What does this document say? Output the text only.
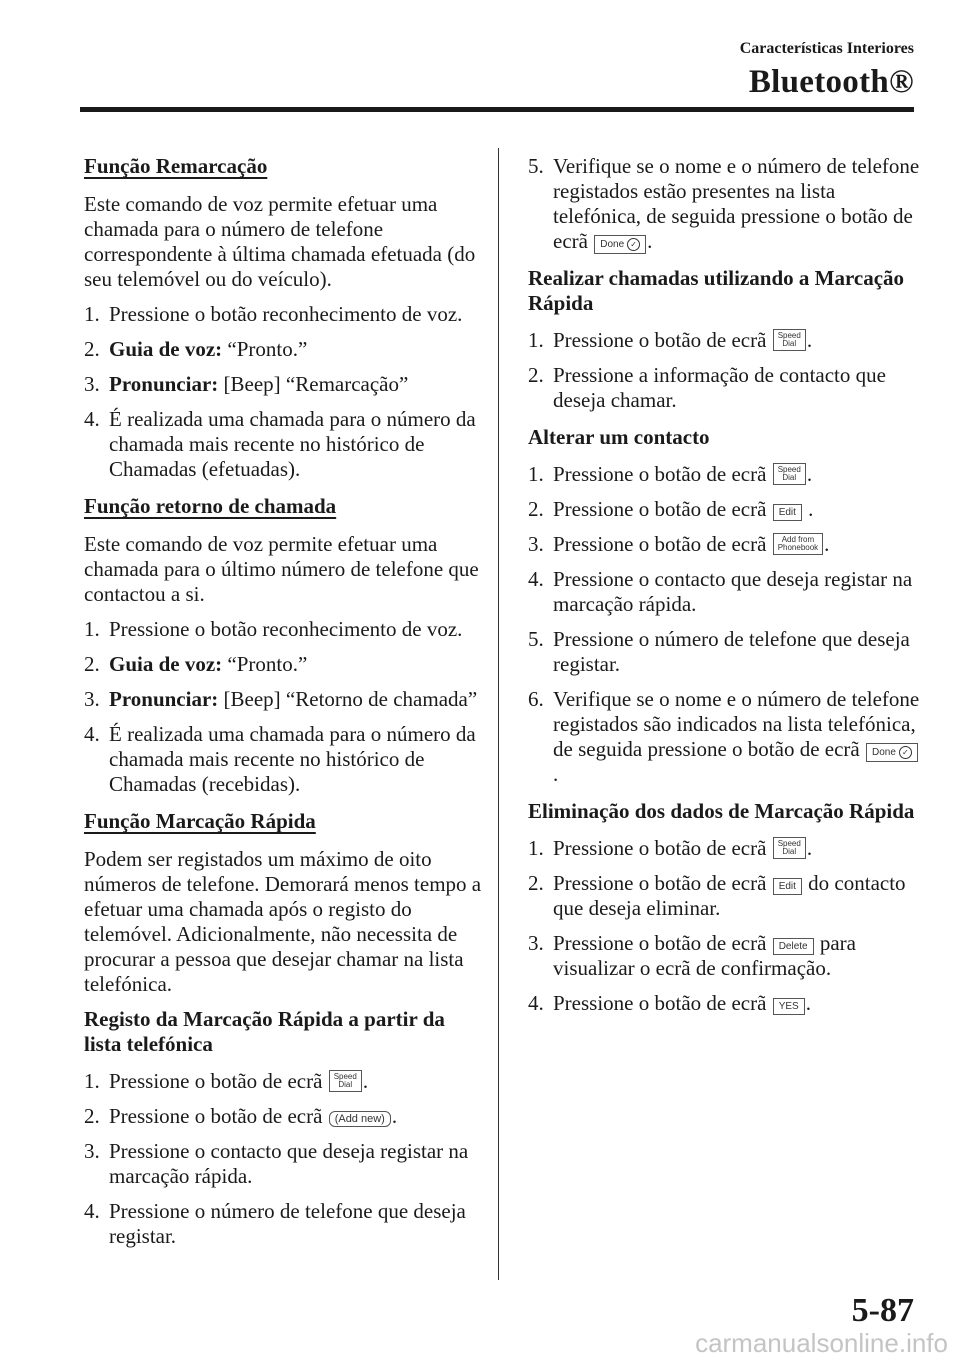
Características Interiores
Bluetooth®
Função Remarcação
Este comando de voz permite efetuar uma chamada para o número de telefone correspondente à última chamada efetuada (do seu telemóvel ou do veículo).
1. Pressione o botão reconhecimento de voz.
2. Guia de voz: “Pronto.”
3. Pronunciar: [Beep] “Remarcação”
4. É realizada uma chamada para o número da chamada mais recente no histórico de Chamadas (efetuadas).
Função retorno de chamada
Este comando de voz permite efetuar uma chamada para o último número de telefone que contactou a si.
1. Pressione o botão reconhecimento de voz.
2. Guia de voz: “Pronto.”
3. Pronunciar: [Beep] “Retorno de chamada”
4. É realizada uma chamada para o número da chamada mais recente no histórico de Chamadas (recebidas).
Função Marcação Rápida
Podem ser registados um máximo de oito números de telefone. Demorará menos tempo a efetuar uma chamada após o registo do telemóvel. Adicionalmente, não necessita de procurar a pessoa que desejar chamar na lista telefónica.
Registo da Marcação Rápida a partir da lista telefónica
1. Pressione o botão de ecrã Speed
Dial .
2. Pressione o botão de ecrã (Add new) .
3. Pressione o contacto que deseja registar na marcação rápida.
4. Pressione o número de telefone que deseja registar.
5. Verifique se o nome e o número de telefone registados estão presentes na lista telefónica, de seguida pressione o botão de ecrã Done ✓ .
Realizar chamadas utilizando a Marcação Rápida
1. Pressione o botão de ecrã Speed
Dial .
2. Pressione a informação de contacto que deseja chamar.
Alterar um contacto
1. Pressione o botão de ecrã Speed
Dial .
2. Pressione o botão de ecrã Edit .
3. Pressione o botão de ecrã Add from
Phonebook .
4. Pressione o contacto que deseja registar na marcação rápida.
5. Pressione o número de telefone que deseja registar.
6. Verifique se o nome e o número de telefone registados são indicados na lista telefónica, de seguida pressione o botão de ecrã Done ✓.
Eliminação dos dados de Marcação Rápida
1. Pressione o botão de ecrã Speed
Dial .
2. Pressione o botão de ecrã Edit do contacto que deseja eliminar.
3. Pressione o botão de ecrã Delete para visualizar o ecrã de confirmação.
4. Pressione o botão de ecrã YES .
5-87
carmanualsonline.info
